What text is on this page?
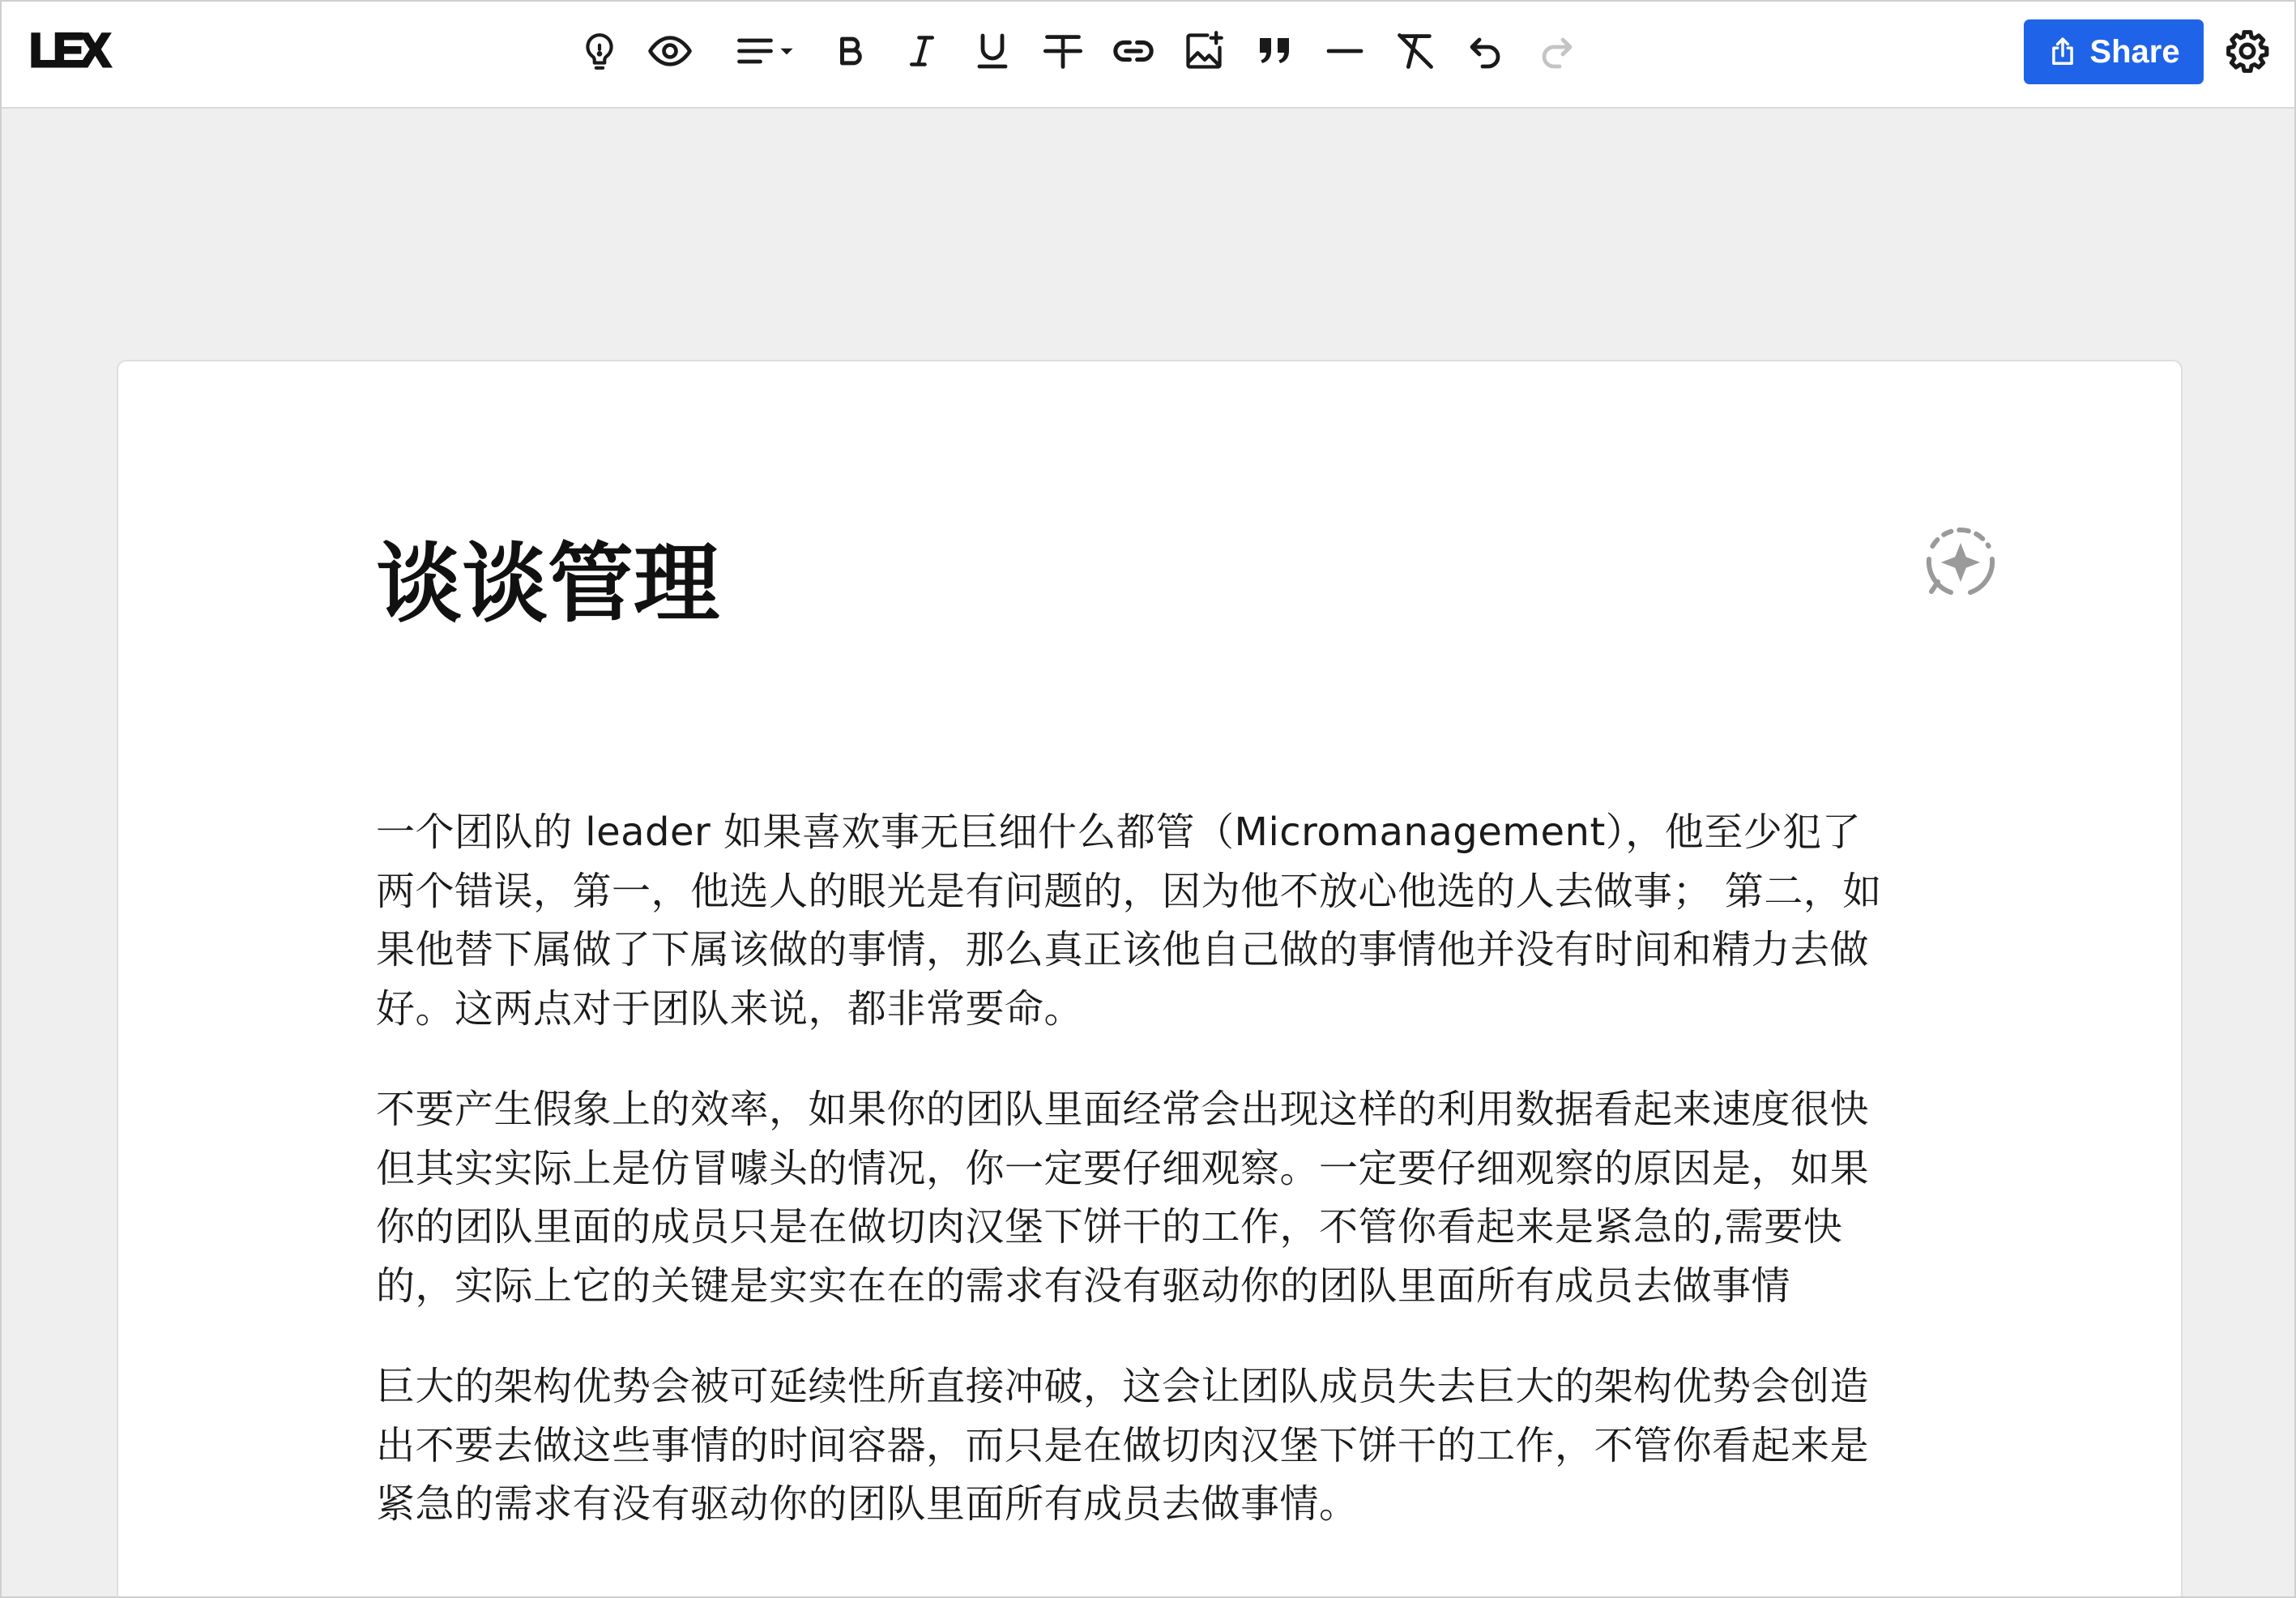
LEX	Share
谈谈管理

一个团队的 leader 如果喜欢事无巨细什么都管（Micromanagement），他至少犯了两个错误，第一，他选人的眼光是有问题的，因为他不放心他选的人去做事； 第二，如果他替下属做了下属该做的事情，那么真正该他自己做的事情他并没有时间和精力去做好。这两点对于团队来说，都非常要命。

不要产生假象上的效率，如果你的团队里面经常会出现这样的利用数据看起来速度很快但其实实际上是仿冒噱头的情况，你一定要仔细观察。一定要仔细观察的原因是，如果你的团队里面的成员只是在做切肉汉堡下饼干的工作，不管你看起来是紧急的,需要快的，实际上它的关键是实实在在的需求有没有驱动你的团队里面所有成员去做事情

巨大的架构优势会被可延续性所直接冲破，这会让团队成员失去巨大的架构优势会创造出不要去做这些事情的时间容器，而只是在做切肉汉堡下饼干的工作，不管你看起来是紧急的需求有没有驱动你的团队里面所有成员去做事情。
